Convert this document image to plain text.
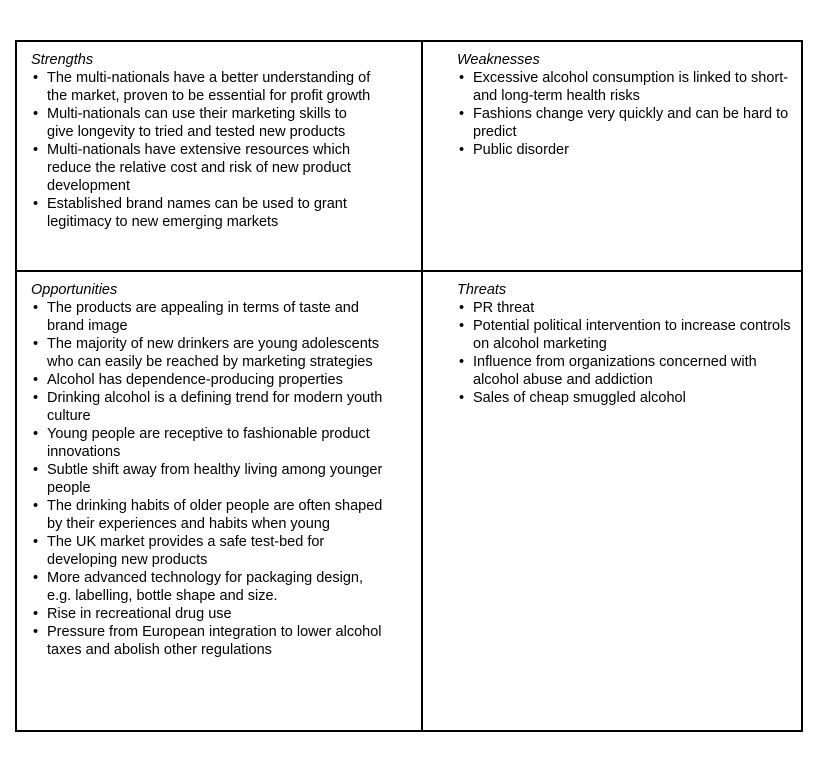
Strengths

• The multi-nationals have a better understanding of the market, proven to be essential for profit growth
• Multi-nationals can use their marketing skills to give longevity to tried and tested new products
• Multi-nationals have extensive resources which reduce the relative cost and risk of new product development
• Established brand names can be used to grant legitimacy to new emerging markets

Weaknesses

• Excessive alcohol consumption is linked to short- and long-term health risks
• Fashions change very quickly and can be hard to predict
• Public disorder

Opportunities

• The products are appealing in terms of taste and brand image
• The majority of new drinkers are young adolescents who can easily be reached by marketing strategies
• Alcohol has dependence-producing properties
• Drinking alcohol is a defining trend for modern youth culture
• Young people are receptive to fashionable product innovations
• Subtle shift away from healthy living among younger people
• The drinking habits of older people are often shaped by their experiences and habits when young
• The UK market provides a safe test-bed for developing new products
• More advanced technology for packaging design, e.g. labelling, bottle shape and size.
• Rise in recreational drug use
• Pressure from European integration to lower alcohol taxes and abolish other regulations

Threats

• PR threat
• Potential political intervention to increase controls on alcohol marketing
• Influence from organizations concerned with alcohol abuse and addiction
• Sales of cheap smuggled alcohol
